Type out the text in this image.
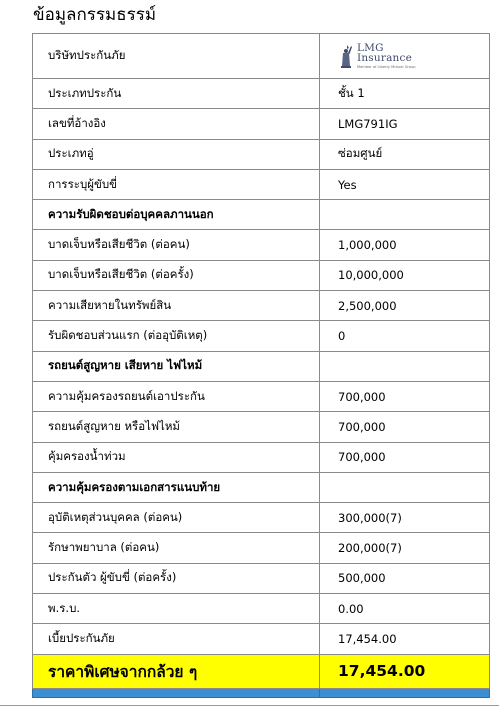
ข้อมูลกรรมธรรม์
บริษัทประกันภัย	LMG
Insurance
Member of Liberty Mutual Group

ประเภทประกัน	ชั้น 1
เลขที่อ้างอิง	LMG791IG
ประเภทอู่	ซ่อมศูนย์
การระบุผู้ขับขี่	Yes
ความรับผิดชอบต่อบุคคลภานนอก	
บาดเจ็บหรือเสียชีวิต (ต่อคน)	1,000,000
บาดเจ็บหรือเสียชีวิต (ต่อครั้ง)	10,000,000
ความเสียหายในทรัพย์สิน	2,500,000
รับผิดชอบส่วนแรก (ต่ออุบัติเหตุ)	0
รถยนต์สูญหาย เสียหาย ไฟไหม้	
ความคุ้มครองรถยนต์เอาประกัน	700,000
รถยนต์สูญหาย หรือไฟไหม้	700,000
คุ้มครองน้ำท่วม	700,000
ความคุ้มครองตามเอกสารแนบท้าย	
อุบัติเหตุส่วนบุคคล (ต่อคน)	300,000(7)
รักษาพยาบาล (ต่อคน)	200,000(7)
ประกันตัว ผู้ขับขี่ (ต่อครั้ง)	500,000
พ.ร.บ.	0.00
เบี้ยประกันภัย	17,454.00
ราคาพิเศษจากกล้วย ๆ	17,454.00
